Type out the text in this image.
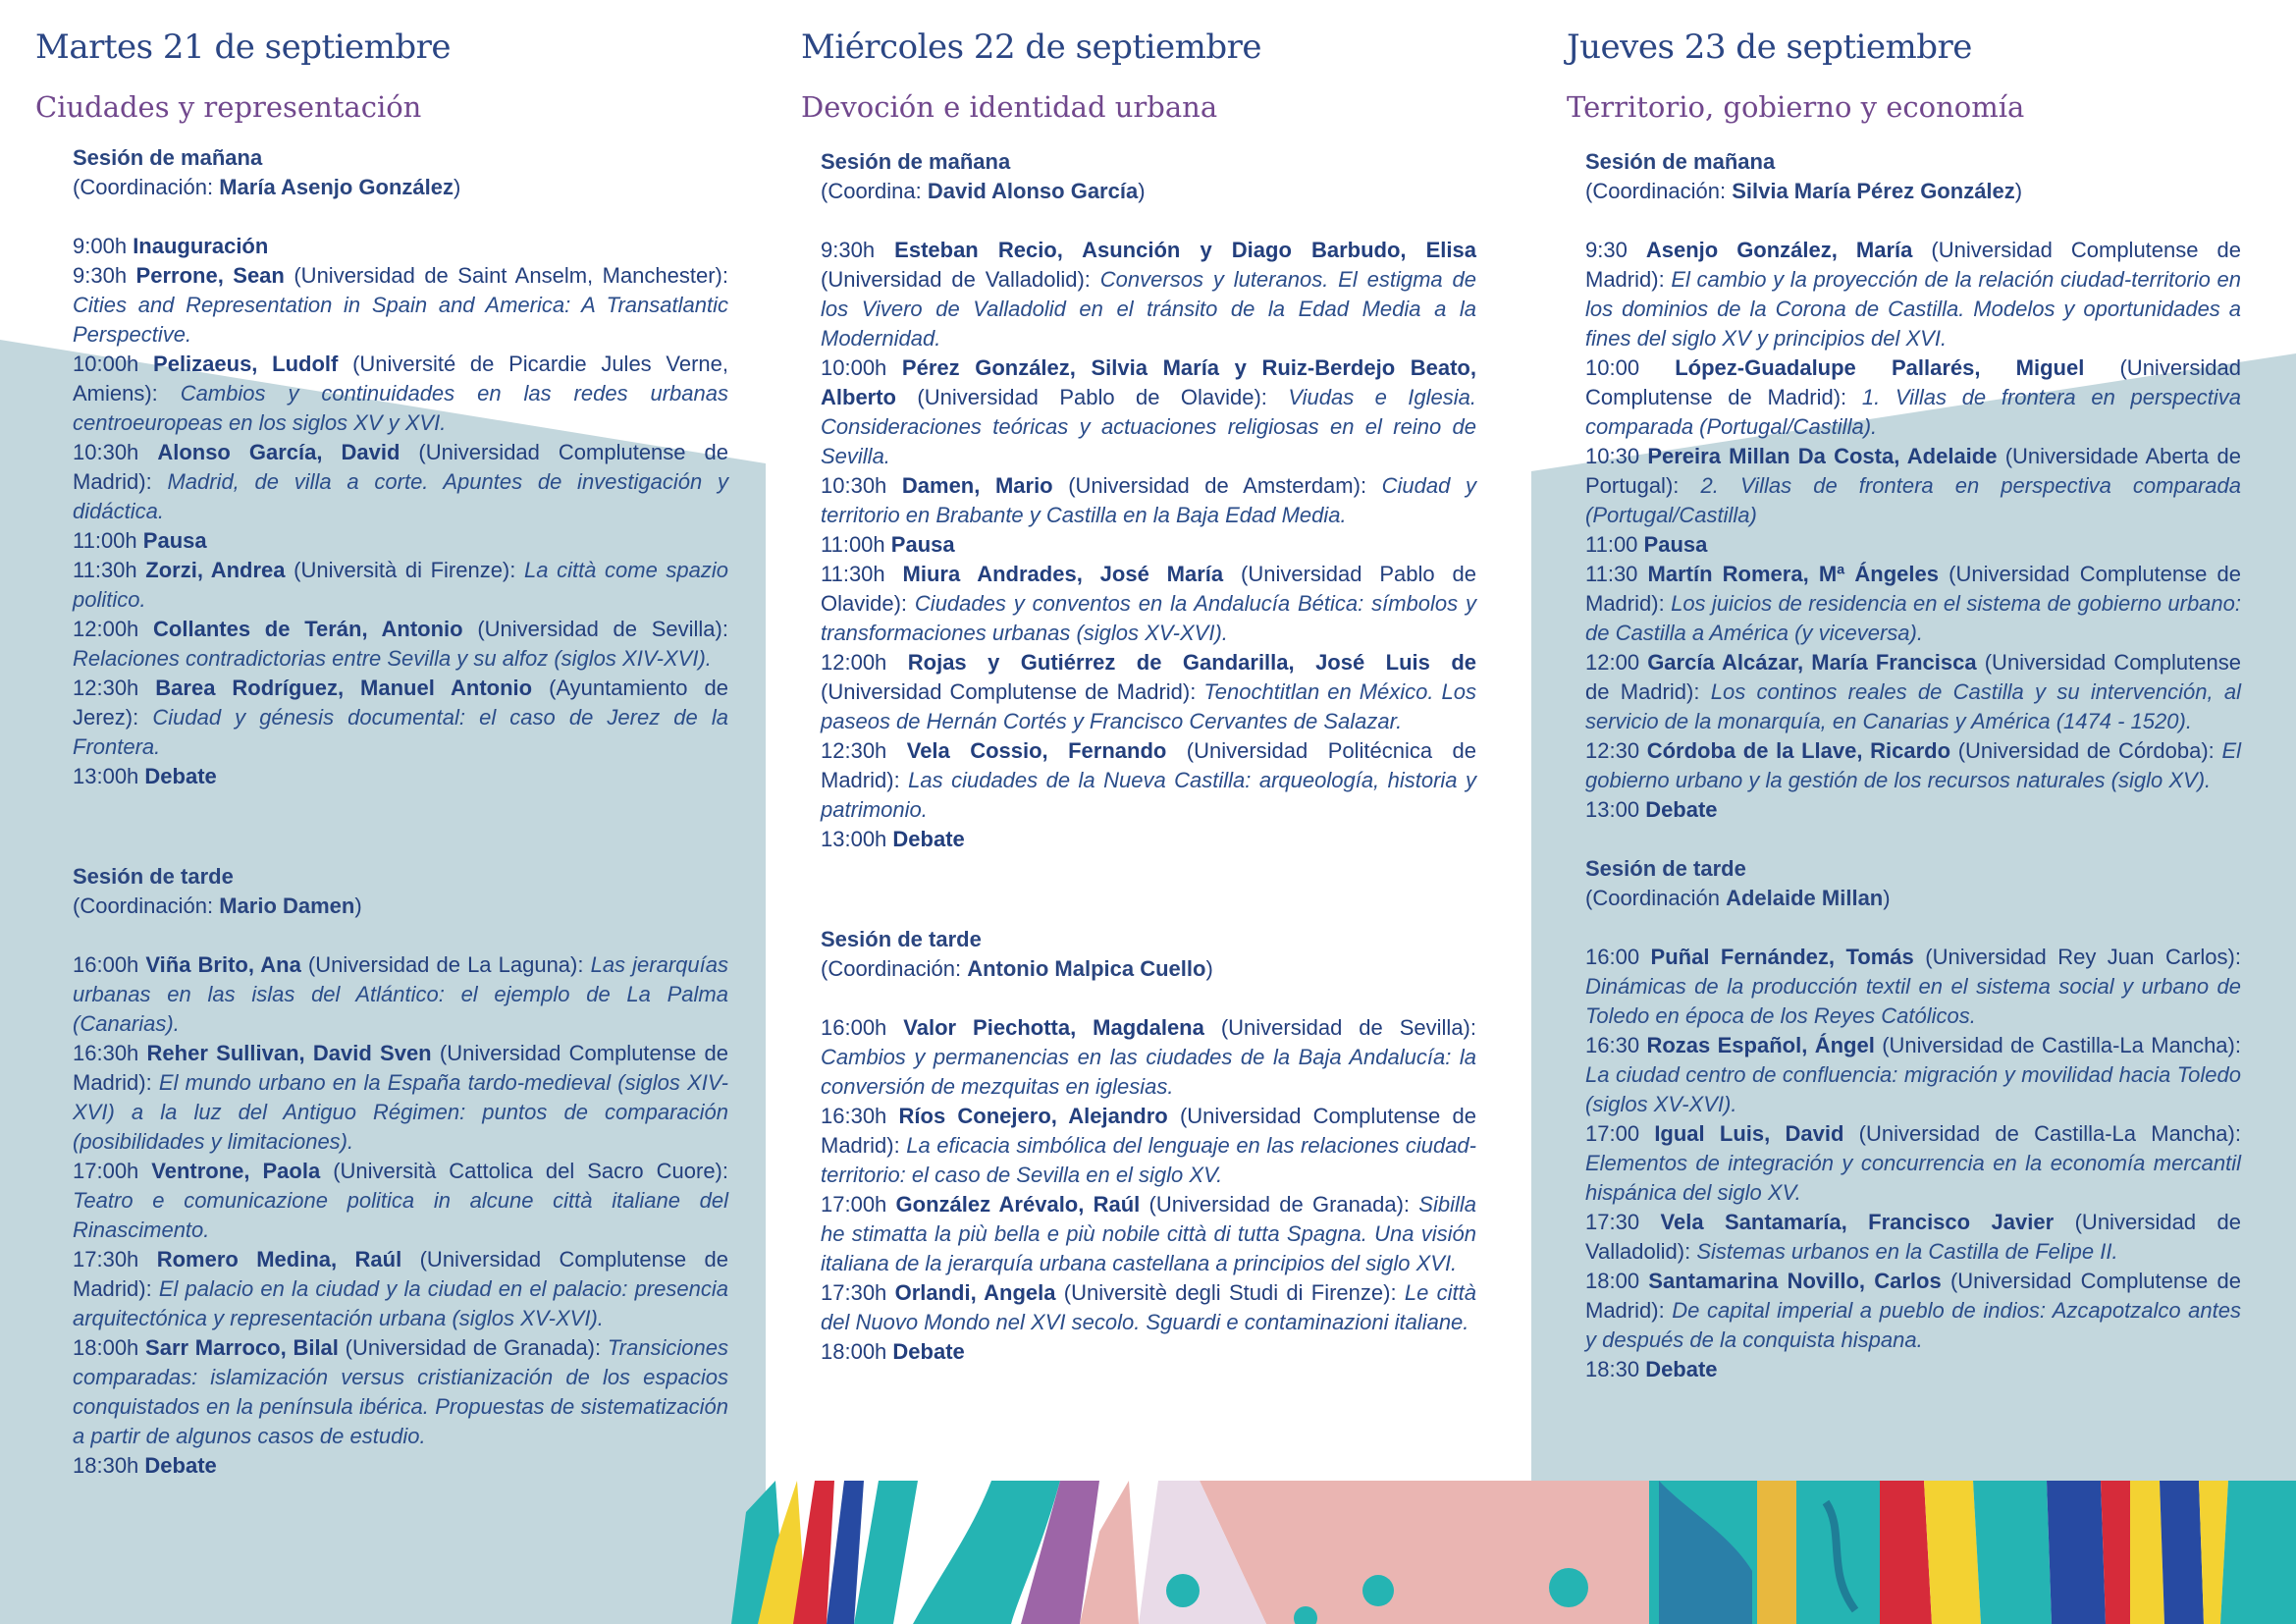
Martes 21 de septiembre
Ciudades y representación

Sesión de mañana

(Coordinación: María Asenjo González)

9:00h Inauguración

9:30h Perrone, Sean (Universidad de Saint Anselm, Manchester): Cities and Representation in Spain and America: A Transatlantic Perspective.

10:00h Pelizaeus, Ludolf (Université de Picardie Jules Verne, Amiens): Cambios y continuidades en las redes urbanas centroeuropeas en los siglos XV y XVI.

10:30h Alonso García, David (Universidad Complutense de Madrid): Madrid, de villa a corte. Apuntes de investigación y didáctica.

11:00h Pausa

11:30h Zorzi, Andrea (Università di Firenze): La città come spazio politico.

12:00h Collantes de Terán, Antonio (Universidad de Sevilla): Relaciones contradictorias entre Sevilla y su alfoz (siglos XIV-XVI).

12:30h Barea Rodríguez, Manuel Antonio (Ayuntamiento de Jerez): Ciudad y génesis documental: el caso de Jerez de la Frontera.

13:00h Debate

Sesión de tarde

(Coordinación: Mario Damen)

16:00h Viña Brito, Ana (Universidad de La Laguna): Las jerarquías urbanas en las islas del Atlántico: el ejemplo de La Palma (Canarias).

16:30h Reher Sullivan, David Sven (Universidad Complutense de Madrid): El mundo urbano en la España tardo-medieval (siglos XIV-XVI) a la luz del Antiguo Régimen: puntos de comparación (posibilidades y limitaciones).

17:00h Ventrone, Paola (Università Cattolica del Sacro Cuore): Teatro e comunicazione politica in alcune città italiane del Rinascimento.

17:30h Romero Medina, Raúl (Universidad Complutense de Madrid): El palacio en la ciudad y la ciudad en el palacio: presencia arquitectónica y representación urbana (siglos XV-XVI).

18:00h Sarr Marroco, Bilal (Universidad de Granada): Transiciones comparadas: islamización versus cristianización de los espacios conquistados en la península ibérica. Propuestas de sistematización a partir de algunos casos de estudio.

18:30h Debate

Miércoles 22 de septiembre
Devoción e identidad urbana

Sesión de mañana

(Coordina: David Alonso García)

9:30h Esteban Recio, Asunción y Diago Barbudo, Elisa (Universidad de Valladolid): Conversos y luteranos. El estigma de los Vivero de Valladolid en el tránsito de la Edad Media a la Modernidad.

10:00h Pérez González, Silvia María y Ruiz-Berdejo Beato, Alberto (Universidad Pablo de Olavide): Viudas e Iglesia. Consideraciones teóricas y actuaciones religiosas en el reino de Sevilla.

10:30h Damen, Mario (Universidad de Amsterdam): Ciudad y territorio en Brabante y Castilla en la Baja Edad Media.

11:00h Pausa

11:30h Miura Andrades, José María (Universidad Pablo de Olavide): Ciudades y conventos en la Andalucía Bética: símbolos y transformaciones urbanas (siglos XV-XVI).

12:00h Rojas y Gutiérrez de Gandarilla, José Luis de (Universidad Complutense de Madrid): Tenochtitlan en México. Los paseos de Hernán Cortés y Francisco Cervantes de Salazar.

12:30h Vela Cossio, Fernando (Universidad Politécnica de Madrid): Las ciudades de la Nueva Castilla: arqueología, historia y patrimonio.

13:00h Debate

Sesión de tarde

(Coordinación: Antonio Malpica Cuello)

16:00h Valor Piechotta, Magdalena (Universidad de Sevilla): Cambios y permanencias en las ciudades de la Baja Andalucía: la conversión de mezquitas en iglesias.

16:30h Ríos Conejero, Alejandro (Universidad Complutense de Madrid): La eficacia simbólica del lenguaje en las relaciones ciudad-territorio: el caso de Sevilla en el siglo XV.

17:00h González Arévalo, Raúl (Universidad de Granada): Sibilla he stimatta la più bella e più nobile città di tutta Spagna. Una visión italiana de la jerarquía urbana castellana a principios del siglo XVI.

17:30h Orlandi, Angela (Universitè degli Studi di Firenze): Le città del Nuovo Mondo nel XVI secolo. Sguardi e contaminazioni italiane.

18:00h Debate

Jueves 23 de septiembre
Territorio, gobierno y economía

Sesión de mañana

(Coordinación: Silvia María Pérez González)

9:30 Asenjo González, María (Universidad Complutense de Madrid): El cambio y la proyección de la relación ciudad-territorio en los dominios de la Corona de Castilla. Modelos y oportunidades a fines del siglo XV y principios del XVI.

10:00 López-Guadalupe Pallarés, Miguel (Universidad Complutense de Madrid): 1. Villas de frontera en perspectiva comparada (Portugal/Castilla).

10:30 Pereira Millan Da Costa, Adelaide (Universidade Aberta de Portugal): 2. Villas de frontera en perspectiva comparada (Portugal/Castilla)

11:00 Pausa

11:30 Martín Romera, Mª Ángeles (Universidad Complutense de Madrid): Los juicios de residencia en el sistema de gobierno urbano: de Castilla a América (y viceversa).

12:00 García Alcázar, María Francisca (Universidad Complutense de Madrid): Los continos reales de Castilla y su intervención, al servicio de la monarquía, en Canarias y América (1474 - 1520).

12:30 Córdoba de la Llave, Ricardo (Universidad de Córdoba): El gobierno urbano y la gestión de los recursos naturales (siglo XV).

13:00 Debate

Sesión de tarde

(Coordinación Adelaide Millan)

16:00 Puñal Fernández, Tomás (Universidad Rey Juan Carlos): Dinámicas de la producción textil en el sistema social y urbano de Toledo en época de los Reyes Católicos.

16:30 Rozas Español, Ángel (Universidad de Castilla-La Mancha): La ciudad centro de confluencia: migración y movilidad hacia Toledo (siglos XV-XVI).

17:00 Igual Luis, David (Universidad de Castilla-La Mancha): Elementos de integración y concurrencia en la economía mercantil hispánica del siglo XV.

17:30 Vela Santamaría, Francisco Javier (Universidad de Valladolid): Sistemas urbanos en la Castilla de Felipe II.

18:00 Santamarina Novillo, Carlos (Universidad Complutense de Madrid): De capital imperial a pueblo de indios: Azcapotzalco antes y después de la conquista hispana.

18:30 Debate
